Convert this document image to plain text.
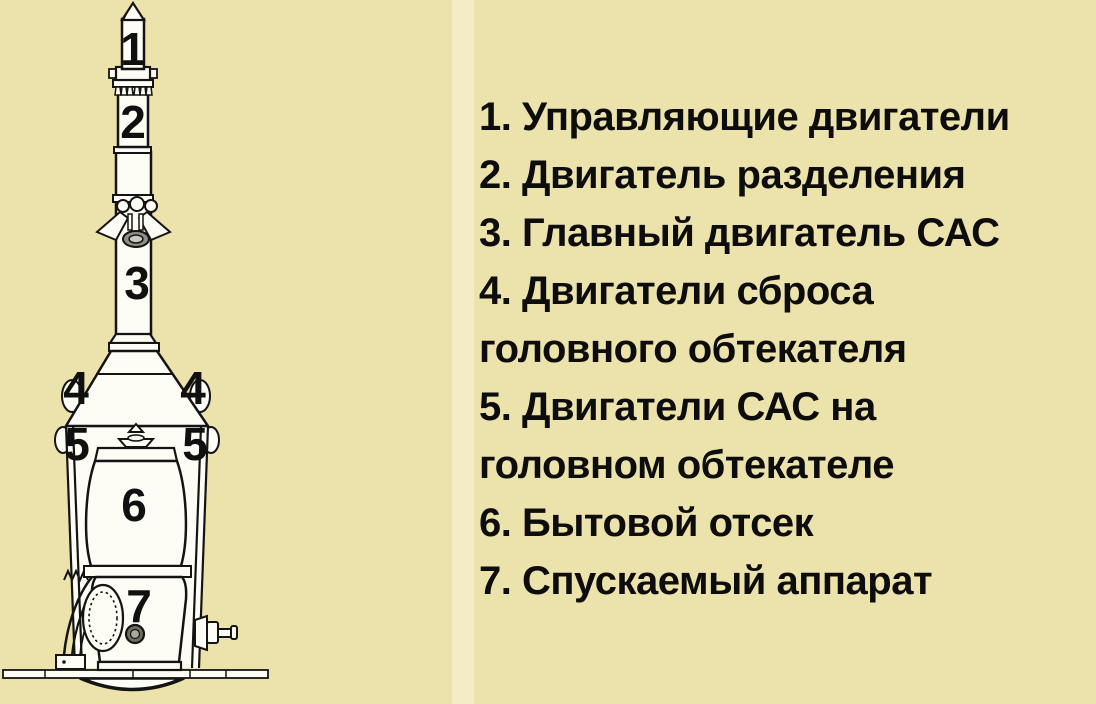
1
2
3
4 4
5 5
6
7
1. Управляющие двигатели
2. Двигатель разделения
3. Главный двигатель САС
4. Двигатели сброса
головного обтекателя
5. Двигатели САС на
головном обтекателе
6. Бытовой отсек
7. Спускаемый аппарат
